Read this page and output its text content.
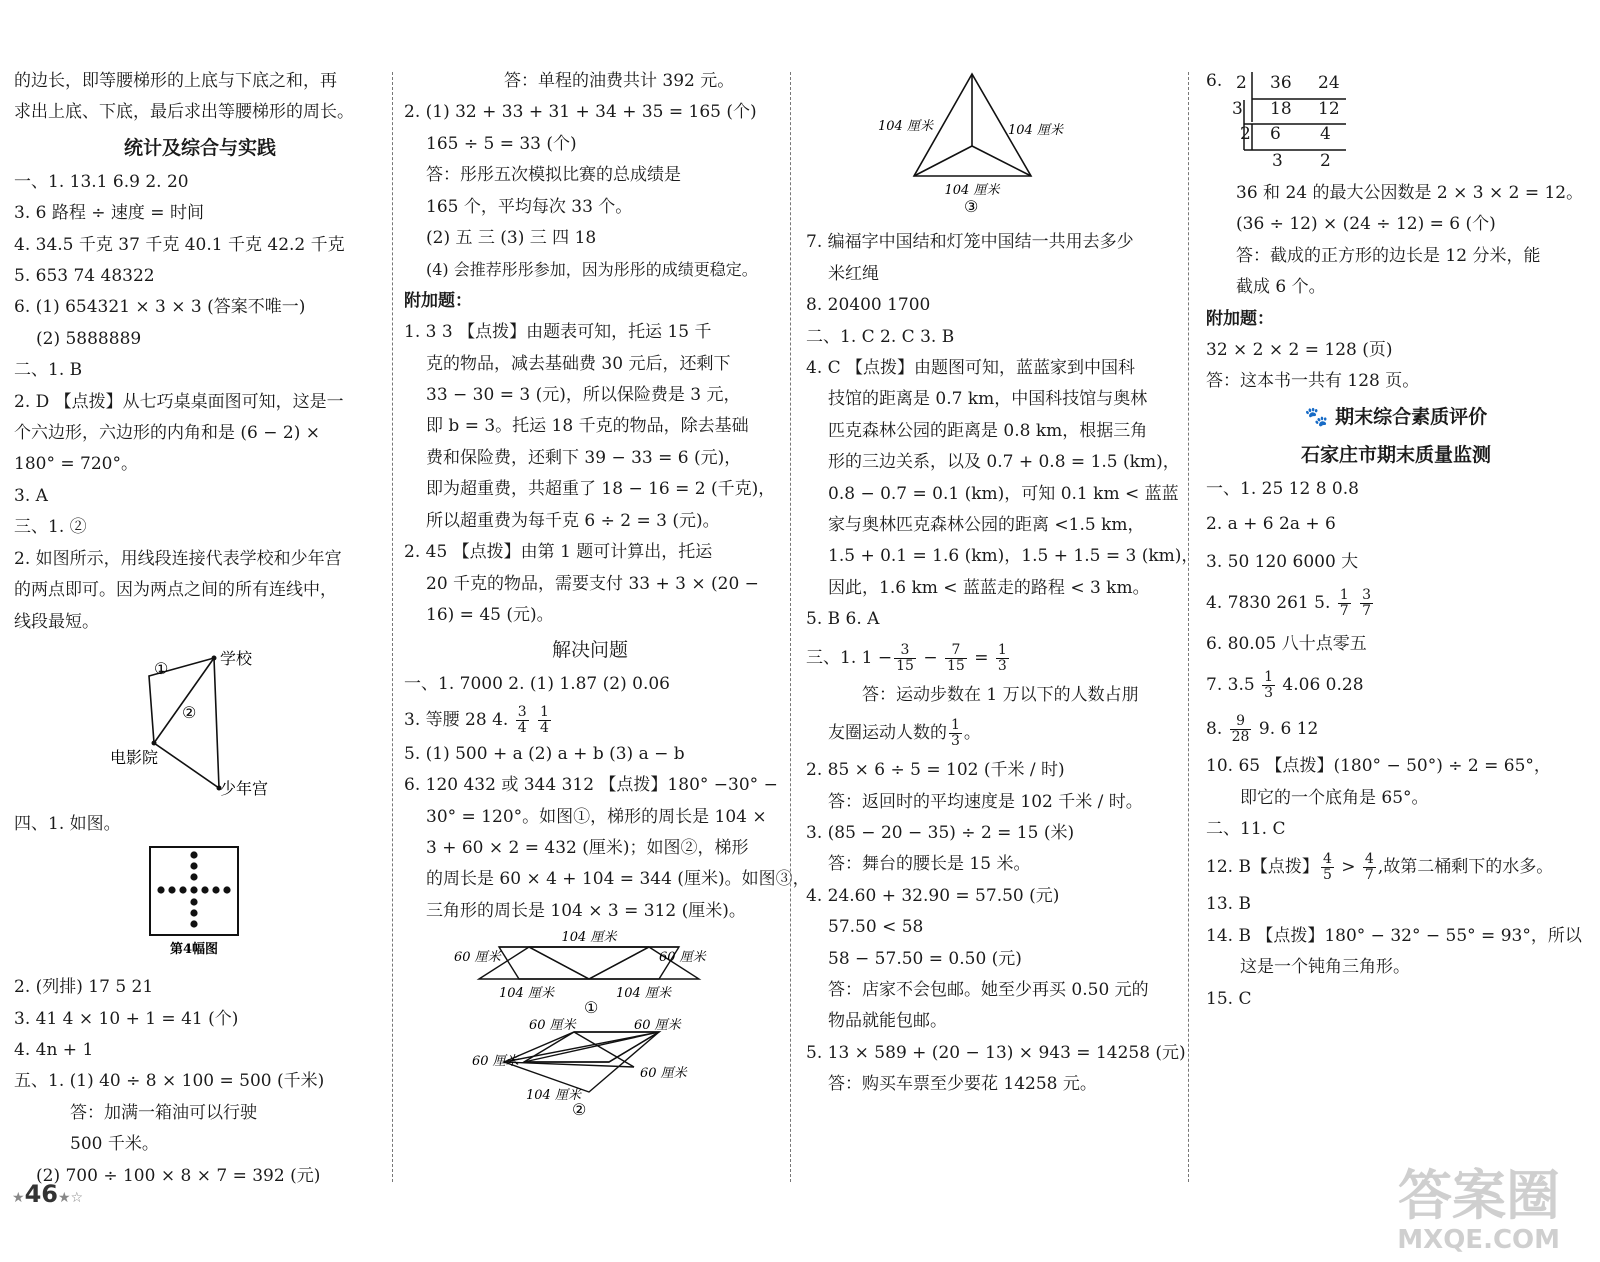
的边长，即等腰梯形的上底与下底之和，再
求出上底、下底，最后求出等腰梯形的周长。
统计及综合与实践
一、1. 13.1 6.9 2. 20
3. 6 路程 ÷ 速度 = 时间
4. 34.5 千克 37 千克 40.1 千克 42.2 千克
5. 653 74 48322
6. (1) 654321 × 3 × 3 (答案不唯一)
(2) 5888889
二、1. B
2. D 【点拨】从七巧桌桌面图可知，这是一
个六边形，六边形的内角和是 (6 − 2) ×
180° = 720°。
3. A
三、1. ②
2. 如图所示，用线段连接代表学校和少年宫
的两点即可。因为两点之间的所有连线中，
线段最短。
学校
电影院
少年宫
①
②
四、1. 如图。
第4幅图
2. (列排) 17 5 21
3. 41 4 × 10 + 1 = 41 (个)
4. 4n + 1
五、1. (1) 40 ÷ 8 × 100 = 500 (千米)
答：加满一箱油可以行驶
500 千米。
(2) 700 ÷ 100 × 8 × 7 = 392 (元)
答：单程的油费共计 392 元。
2. (1) 32 + 33 + 31 + 34 + 35 = 165 (个)
165 ÷ 5 = 33 (个)
答：彤彤五次模拟比赛的总成绩是
165 个，平均每次 33 个。
(2) 五 三 (3) 三 四 18
(4) 会推荐彤彤参加，因为彤彤的成绩更稳定。
附加题：
1. 3 3 【点拨】由题表可知，托运 15 千
克的物品，减去基础费 30 元后，还剩下
33 − 30 = 3 (元)，所以保险费是 3 元，
即 b = 3。托运 18 千克的物品，除去基础
费和保险费，还剩下 39 − 33 = 6 (元)，
即为超重费，共超重了 18 − 16 = 2 (千克)，
所以超重费为每千克 6 ÷ 2 = 3 (元)。
2. 45 【点拨】由第 1 题可计算出，托运
20 千克的物品，需要支付 33 + 3 × (20 −
16) = 45 (元)。
解决问题
一、1. 7000 2. (1) 1.87 (2) 0.06
3. 等腰 28 4. $\frac{3}{4}$
$\frac{1}{4}$
5. (1) 500 + a (2) a + b (3) a − b
6. 120 432 或 344 312 【点拨】180° −30° −
30° = 120°。如图①，梯形的周长是 104 ×
3 + 60 × 2 = 432 (厘米)；如图②，梯形
的周长是 60 × 4 + 104 = 344 (厘米)。如图③，
三角形的周长是 104 × 3 = 312 (厘米)。
104 厘米
60 厘米	60 厘米
104 厘米	104 厘米
①
60 厘米	60 厘米
60 厘米
60 厘米
104 厘米
②
104 厘米	104 厘米
104 厘米
③
7. 编福字中国结和灯笼中国结一共用去多少
米红绳
8. 20400 1700
二、1. C 2. C 3. B
4. C 【点拨】由题图可知，蓝蓝家到中国科
技馆的距离是 0.7 km，中国科技馆与奥林
匹克森林公园的距离是 0.8 km，根据三角
形的三边关系，以及 0.7 + 0.8 = 1.5 (km)，
0.8 − 0.7 = 0.1 (km)，可知 0.1 km < 蓝蓝
家与奥林匹克森林公园的距离 <1.5 km，
1.5 + 0.1 = 1.6 (km)，1.5 + 1.5 = 3 (km)，
因此，1.6 km < 蓝蓝走的路程 < 3 km。
5. B 6. A
三、1. $1 - \frac{3}{15} - \frac{7}{15} = \frac{1}{3}$
答：运动步数在 1 万以下的人数占朋
友圈运动人数的 $\frac{1}{3}$ 。
2. 85 × 6 ÷ 5 = 102 (千米 / 时)
答：返回时的平均速度是 102 千米 / 时。
3. (85 − 20 − 35) ÷ 2 = 15 (米)
答：舞台的腰长是 15 米。
4. 24.60 + 32.90 = 57.50 (元)
57.50 < 58
58 − 57.50 = 0.50 (元)
答：店家不会包邮。她至少再买 0.50 元的
物品就能包邮。
5. 13 × 589 + (20 − 13) × 943 = 14258 (元)
答：购买车票至少要花 14258 元。
6. 2 36 24
3 18 12
2 6 4
3 2
36 和 24 的最大公因数是 2 × 3 × 2 = 12。
(36 ÷ 12) × (24 ÷ 12) = 6 (个)
答：截成的正方形的边长是 12 分米，能
截成 6 个。
附加题：
32 × 2 × 2 = 128 (页)
答：这本书一共有 128 页。
🐾 期末综合素质评价
石家庄市期末质量监测
一、1. 25 12 8 0.8
2. a + 6 2a + 6
3. 50 120 6000 大
4. 7830 261 5. $\frac{1}{7}$
$\frac{3}{7}$
6. 80.05 八十点零五
7. $3.5 \frac{1}{3} 4.06$ 0.28
8. $\frac{9}{28} 9$. 6 12
10. 65 【点拨】(180° − 50°) ÷ 2 = 65°，
即它的一个底角是 65°。
二、11. C
12. B【点拨】 $\frac{4}{5} > \frac{4}{7}$ ,故第二桶剩下的水多。
13. B
14. B 【点拨】180° − 32° − 55° = 93°，所以
这是一个钝角三角形。
15. C
★46★☆	答案圈
MXQE.COM
